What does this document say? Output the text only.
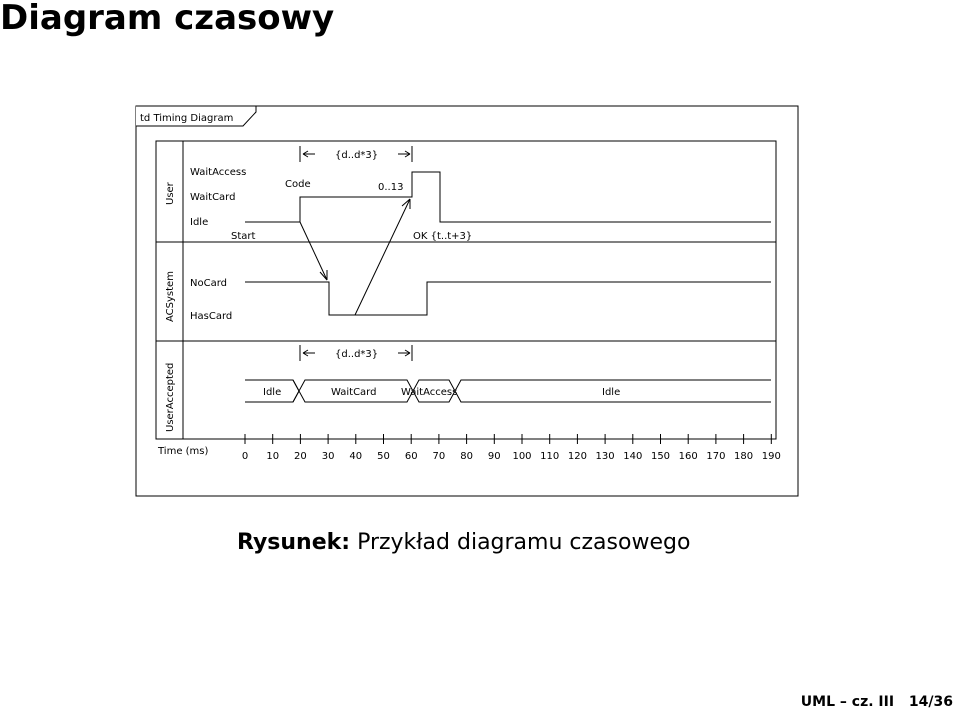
Diagram czasowy
td Timing Diagram
User
ACSystem
UserAccepted
WaitAccess
WaitCard
Idle
NoCard
HasCard
Code	0..13
Start	OK {t..t+3}
{d..d*3}
{d..d*3}
Idle	WaitCard WaitAccess	Idle
Time (ms)	0 10 20 30 40 50 60 70 80 90 100 110 120 130 140 150 160 170 180 190
Rysunek: Przykład diagramu czasowego
UML – cz. III 14/36
